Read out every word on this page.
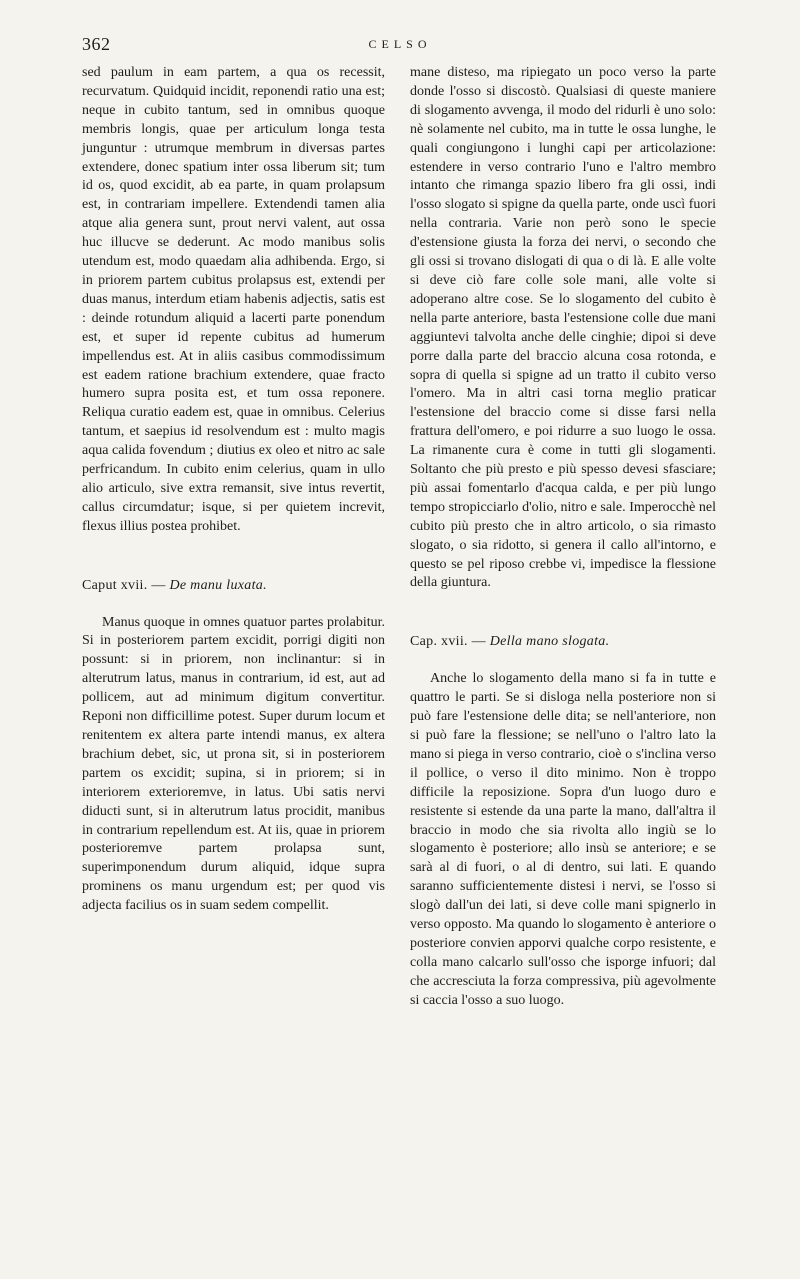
362	CELSO

sed paulum in eam partem, a qua os recessit, recurvatum. Quidquid incidit, reponendi ratio una est; neque in cubito tantum, sed in omnibus quoque membris longis, quae per articulum longa testa junguntur : utrumque membrum in diversas partes extendere, donec spatium inter ossa liberum sit; tum id os, quod excidit, ab ea parte, in quam prolapsum est, in contrariam impellere. Extendendi tamen alia atque alia genera sunt, prout nervi valent, aut ossa huc illucve se dederunt. Ac modo manibus solis utendum est, modo quaedam alia adhibenda. Ergo, si in priorem partem cubitus prolapsus est, extendi per duas manus, interdum etiam habenis adjectis, satis est : deinde rotundum aliquid a lacerti parte ponendum est, et super id repente cubitus ad humerum impellendus est. At in aliis casibus commodissimum est eadem ratione brachium extendere, quae fracto humero supra posita est, et tum ossa reponere. Reliqua curatio eadem est, quae in omnibus. Celerius tantum, et saepius id resolvendum est : multo magis aqua calida fovendum ; diutius ex oleo et nitro ac sale perfricandum. In cubito enim celerius, quam in ullo alio articulo, sive extra remansit, sive intus revertit, callus circumdatur; isque, si per quietem increvit, flexus illius postea prohibet.

Caput xvii. — De manu luxata.

Manus quoque in omnes quatuor partes prolabitur. Si in posteriorem partem excidit, porrigi digiti non possunt: si in priorem, non inclinantur: si in alterutrum latus, manus in contrarium, id est, aut ad pollicem, aut ad minimum digitum convertitur. Reponi non difficillime potest. Super durum locum et renitentem ex altera parte intendi manus, ex altera brachium debet, sic, ut prona sit, si in posteriorem partem os excidit; supina, si in priorem; si in interiorem exterioremve, in latus. Ubi satis nervi diducti sunt, si in alterutrum latus procidit, manibus in contrarium repellendum est. At iis, quae in priorem posterioremve partem prolapsa sunt, superimponendum durum aliquid, idque supra prominens os manu urgendum est; per quod vis adjecta facilius os in suam sedem compellit.

mane disteso, ma ripiegato un poco verso la parte donde l'osso si discostò. Qualsiasi di queste maniere di slogamento avvenga, il modo del ridurli è uno solo: nè solamente nel cubito, ma in tutte le ossa lunghe, le quali congiungono i lunghi capi per articolazione: estendere in verso contrario l'uno e l'altro membro intanto che rimanga spazio libero fra gli ossi, indi l'osso slogato si spigne da quella parte, onde uscì fuori nella contraria. Varie non però sono le specie d'estensione giusta la forza dei nervi, o secondo che gli ossi si trovano dislogati di qua o di là. E alle volte si deve ciò fare colle sole mani, alle volte si adoperano altre cose. Se lo slogamento del cubito è nella parte anteriore, basta l'estensione colle due mani aggiuntevi talvolta anche delle cinghie; dipoi si deve porre dalla parte del braccio alcuna cosa rotonda, e sopra di quella si spigne ad un tratto il cubito verso l'omero. Ma in altri casi torna meglio praticar l'estensione del braccio come si disse farsi nella frattura dell'omero, e poi ridurre a suo luogo le ossa. La rimanente cura è come in tutti gli slogamenti. Soltanto che più presto e più spesso devesi sfasciare; più assai fomentarlo d'acqua calda, e per più lungo tempo stropicciarlo d'olio, nitro e sale. Imperocchè nel cubito più presto che in altro articolo, o sia rimasto slogato, o sia ridotto, si genera il callo all'intorno, e questo se pel riposo crebbe vi, impedisce la flessione della giuntura.

Cap. xvii. — Della mano slogata.

Anche lo slogamento della mano si fa in tutte e quattro le parti. Se si disloga nella posteriore non si può fare l'estensione delle dita; se nell'anteriore, non si può fare la flessione; se nell'uno o l'altro lato la mano si piega in verso contrario, cioè o s'inclina verso il pollice, o verso il dito minimo. Non è troppo difficile la reposizione. Sopra d'un luogo duro e resistente si estende da una parte la mano, dall'altra il braccio in modo che sia rivolta allo ingiù se lo slogamento è posteriore; allo insù se anteriore; e se sarà al di fuori, o al di dentro, sui lati. E quando saranno sufficientemente distesi i nervi, se l'osso si slogò dall'un dei lati, si deve colle mani spignerlo in verso opposto. Ma quando lo slogamento è anteriore o posteriore convien apporvi qualche corpo resistente, e colla mano calcarlo sull'osso che isporge infuori; dal che accresciuta la forza compressiva, più agevolmente si caccia l'osso a suo luogo.
